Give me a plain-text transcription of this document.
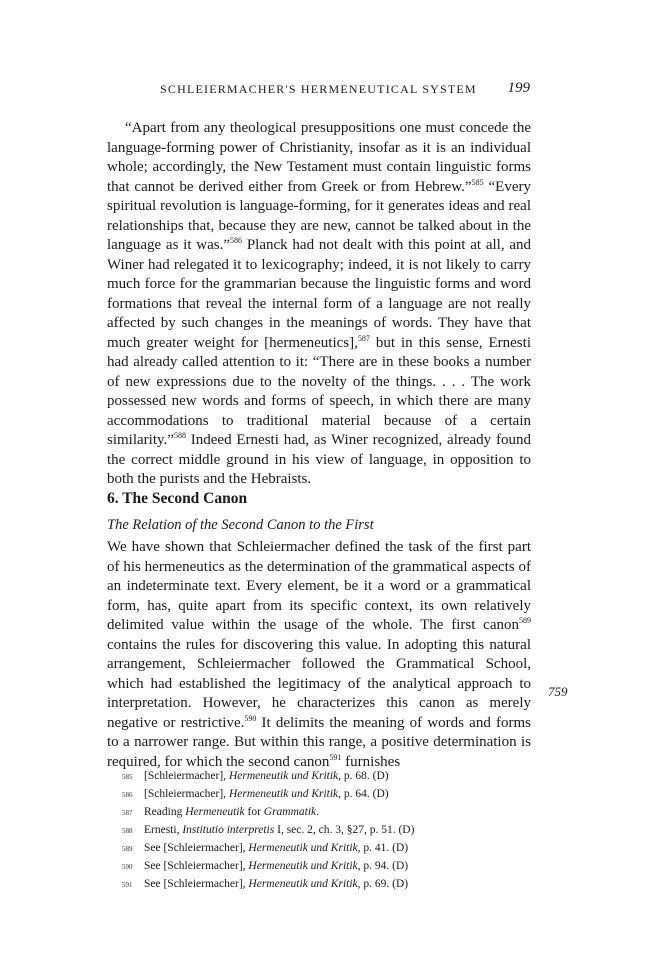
SCHLEIERMACHER'S HERMENEUTICAL SYSTEM 199

“Apart from any theological presuppositions one must concede the language-forming power of Christianity, insofar as it is an individual whole; accordingly, the New Testament must contain linguistic forms that cannot be derived either from Greek or from Hebrew.”$^{585}$ “Every spiritual revolution is language-forming, for it generates ideas and real relationships that, because they are new, cannot be talked about in the language as it was.”$^{586}$ Planck had not dealt with this point at all, and Winer had relegated it to lexicography; indeed, it is not likely to carry much force for the grammarian because the linguistic forms and word formations that reveal the internal form of a language are not really affected by such changes in the meanings of words. They have that much greater weight for [hermeneutics],$^{587}$ but in this sense, Ernesti had already called attention to it: “There are in these books a number of new expressions due to the novelty of the things. . . . The work possessed new words and forms of speech, in which there are many accommodations to traditional material because of a certain similarity.”$^{588}$ Indeed Ernesti had, as Winer recognized, already found the correct middle ground in his view of language, in opposition to both the purists and the Hebraists.

6. The Second Canon
The Relation of the Second Canon to the First

We have shown that Schleiermacher defined the task of the first part of his hermeneutics as the determination of the grammatical aspects of an indeterminate text. Every element, be it a word or a grammatical form, has, quite apart from its specific context, its own relatively delimited value within the usage of the whole. The first canon$^{589}$ contains the rules for discovering this value. In adopting this natural arrangement, Schleiermacher followed the Grammatical School, which had established the legitimacy of the analytical approach to interpretation. However, he characterizes this canon as merely negative or restrictive.$^{590}$ It delimits the meaning of words and forms to a narrower range. But within this range, a positive determination is required, for which the second canon$^{591}$ furnishes

759
585	[Schleiermacher], Hermeneutik und Kritik, p. 68. (D)
586	[Schleiermacher], Hermeneutik und Kritik, p. 64. (D)
587	Reading Hermeneutik for Grammatik.
588	Ernesti, Institutio interpretis I, sec. 2, ch. 3, §27, p. 51. (D)
589	See [Schleiermacher], Hermeneutik und Kritik, p. 41. (D)
590	See [Schleiermacher], Hermeneutik und Kritik, p. 94. (D)
591	See [Schleiermacher], Hermeneutik und Kritik, p. 69. (D)
